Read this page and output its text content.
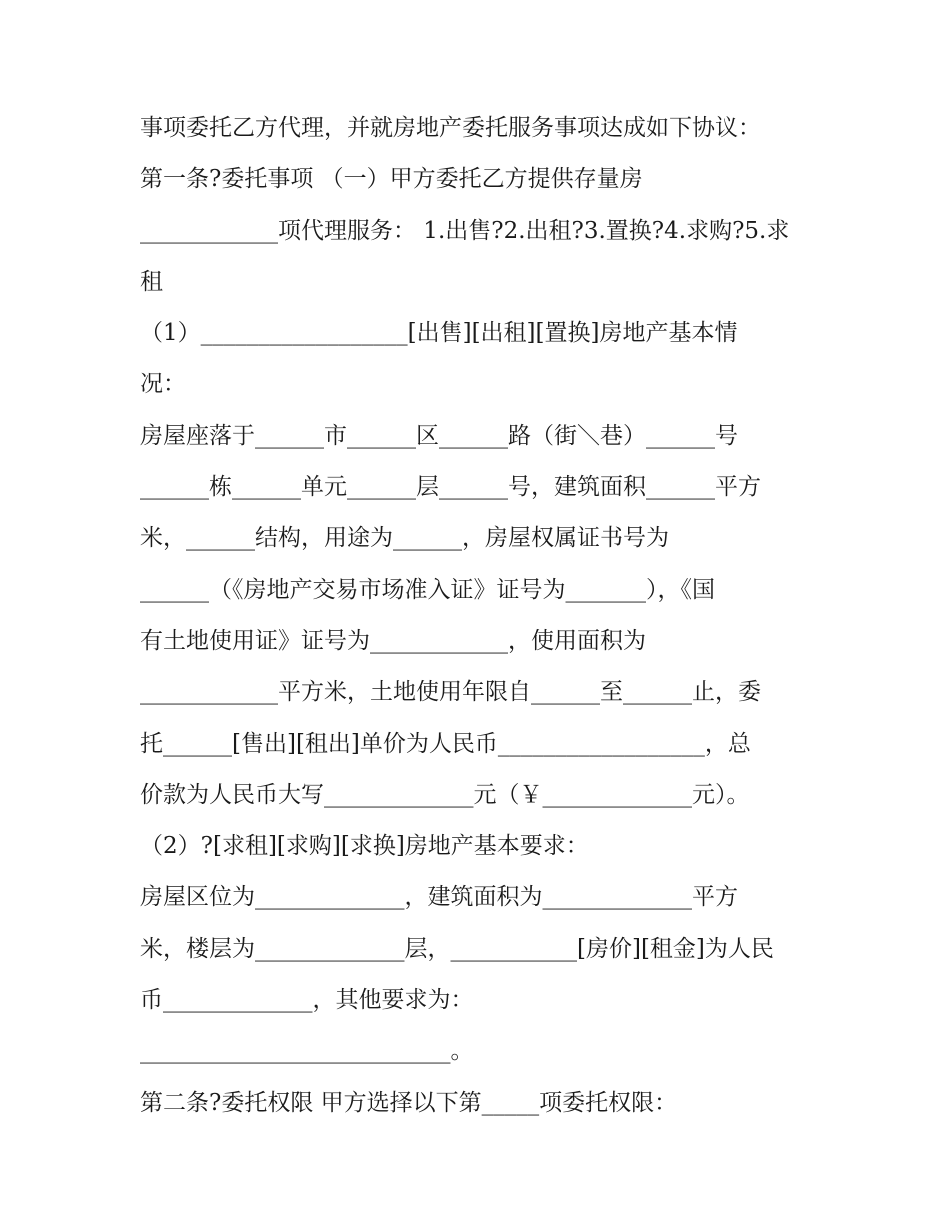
事项委托乙方代理，并就房地产委托服务事项达成如下协议：
第一条?委托事项 （一）甲方委托乙方提供存量房
____________项代理服务： 1.出售?2.出租?3.置换?4.求购?5.求
租
（1）__________________[出售][出租][置换]房地产基本情
况：
房屋座落于______市______区______路（街＼巷）______号
______栋______单元______层______号，建筑面积______平方
米，______结构，用途为______，房屋权属证书号为
______（《房地产交易市场准入证》证号为_______），《国
有土地使用证》证号为____________，使用面积为
____________平方米，土地使用年限自______至______止，委
托______[售出][租出]单价为人民币__________________，总
价款为人民币大写_____________元（￥_____________元）。
（2）?[求租][求购][求换]房地产基本要求：
房屋区位为_____________，建筑面积为_____________平方
米，楼层为_____________层，___________[房价][租金]为人民
币_____________，其他要求为：
___________________________。
第二条?委托权限 甲方选择以下第_____项委托权限：
